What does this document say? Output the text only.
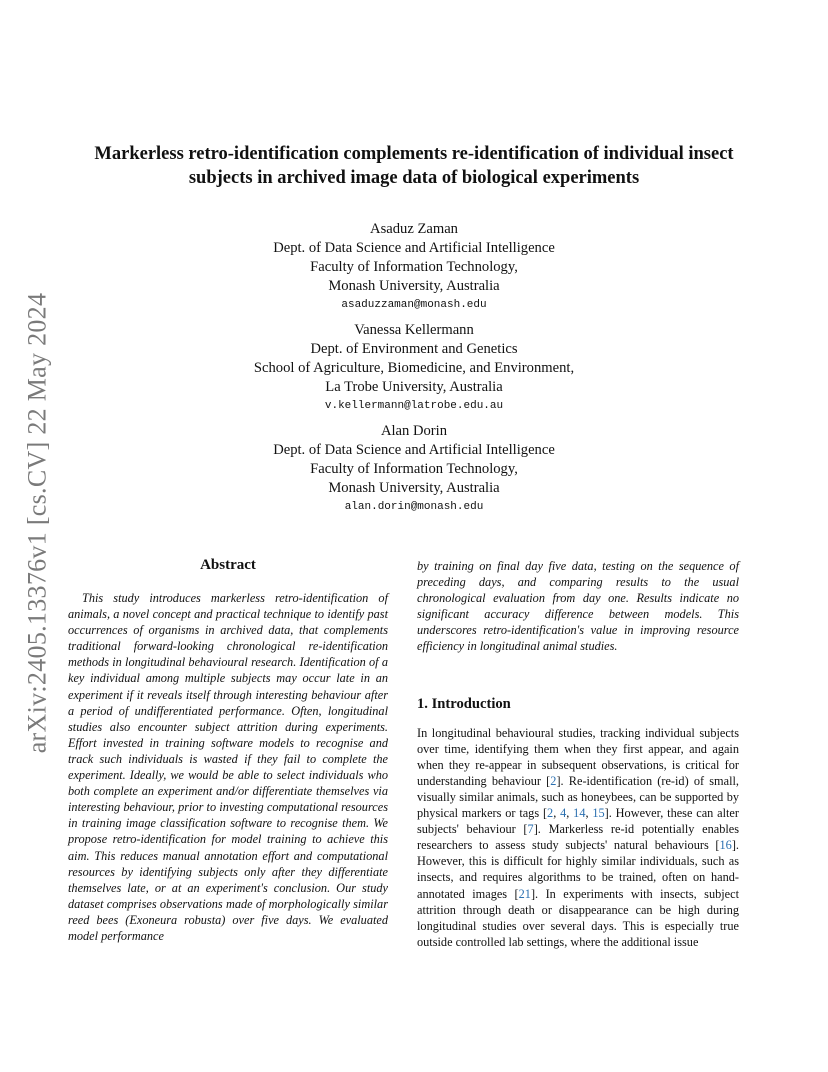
arXiv:2405.13376v1 [cs.CV] 22 May 2024
Markerless retro-identification complements re-identification of individual insect
subjects in archived image data of biological experiments
Asaduz Zaman
Dept. of Data Science and Artificial Intelligence
Faculty of Information Technology,
Monash University, Australia
asaduzzaman@monash.edu
Vanessa Kellermann
Dept. of Environment and Genetics
School of Agriculture, Biomedicine, and Environment,
La Trobe University, Australia
v.kellermann@latrobe.edu.au
Alan Dorin
Dept. of Data Science and Artificial Intelligence
Faculty of Information Technology,
Monash University, Australia
alan.dorin@monash.edu
Abstract

This study introduces markerless retro-identification of animals, a novel concept and practical technique to identify past occurrences of organisms in archived data, that complements traditional forward-looking chronological re-identification methods in longitudinal behavioural research. Identification of a key individual among multiple subjects may occur late in an experiment if it reveals itself through interesting behaviour after a period of undifferentiated performance. Often, longitudinal studies also encounter subject attrition during experiments. Effort invested in training software models to recognise and track such individuals is wasted if they fail to complete the experiment. Ideally, we would be able to select individuals who both complete an experiment and/or differentiate themselves via interesting behaviour, prior to investing computational resources in training image classification software to recognise them. We propose retro-identification for model training to achieve this aim. This reduces manual annotation effort and computational resources by identifying subjects only after they differentiate themselves late, or at an experiment's conclusion. Our study dataset comprises observations made of morphologically similar reed bees (Exoneura robusta) over five days. We evaluated model performance

by training on final day five data, testing on the sequence of preceding days, and comparing results to the usual chronological evaluation from day one. Results indicate no significant accuracy difference between models. This underscores retro-identification's value in improving resource efficiency in longitudinal animal studies.

1. Introduction

In longitudinal behavioural studies, tracking individual subjects over time, identifying them when they first appear, and again when they re-appear in subsequent observations, is critical for understanding behaviour [2]. Re-identification (re-id) of small, visually similar animals, such as honeybees, can be supported by physical markers or tags [2, 4, 14, 15]. However, these can alter subjects' behaviour [7]. Markerless re-id potentially enables researchers to assess study subjects' natural behaviours [16]. However, this is difficult for highly similar individuals, such as insects, and requires algorithms to be trained, often on hand-annotated images [21]. In experiments with insects, subject attrition through death or disappearance can be high during longitudinal studies over several days. This is especially true outside controlled lab settings, where the additional issue
